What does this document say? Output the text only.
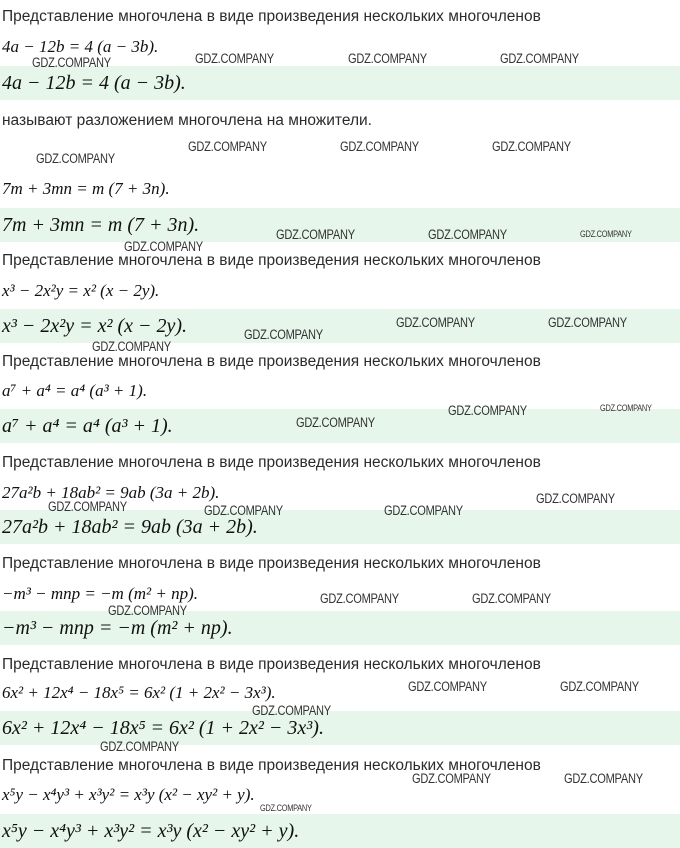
Представление многочлена в виде произведения нескольких многочленов
4a − 12b = 4 (a − 3b).
4a − 12b = 4 (a − 3b).
называют разложением многочлена на множители.
7m + 3mn = m (7 + 3n).
7m + 3mn = m (7 + 3n).
Представление многочлена в виде произведения нескольких многочленов
x³ − 2x²y = x² (x − 2y).
x³ − 2x²y = x² (x − 2y).
Представление многочлена в виде произведения нескольких многочленов
a⁷ + a⁴ = a⁴ (a³ + 1).
a⁷ + a⁴ = a⁴ (a³ + 1).
Представление многочлена в виде произведения нескольких многочленов
27a²b + 18ab² = 9ab (3a + 2b).
27a²b + 18ab² = 9ab (3a + 2b).
Представление многочлена в виде произведения нескольких многочленов
−m³ − mnp = −m (m² + np).
−m³ − mnp = −m (m² + np).
Представление многочлена в виде произведения нескольких многочленов
6x² + 12x⁴ − 18x⁵ = 6x² (1 + 2x² − 3x³).
6x² + 12x⁴ − 18x⁵ = 6x² (1 + 2x² − 3x³).
Представление многочлена в виде произведения нескольких многочленов
x⁵y − x⁴y³ + x³y² = x³y (x² − xy² + y).
x⁵y − x⁴y³ + x³y² = x³y (x² − xy² + y).
GDZ.COMPANY	GDZ.COMPANY	GDZ.COMPANY	GDZ.COMPANY
GDZ.COMPANY
GDZ.COMPANY	GDZ.COMPANY	GDZ.COMPANY
GDZ.COMPANY	GDZ.COMPANY	GDZ.COMPANY
GDZ.COMPANY
GDZ.COMPANY
GDZ.COMPANY	GDZ.COMPANY
GDZ.COMPANY
GDZ.COMPANY	GDZ.COMPANY
GDZ.COMPANY
GDZ.COMPANY
GDZ.COMPANY	GDZ.COMPANY
GDZ.COMPANY
GDZ.COMPANY	GDZ.COMPANY
GDZ.COMPANY
GDZ.COMPANY	GDZ.COMPANY
GDZ.COMPANY
GDZ.COMPANY
GDZ.COMPANY	GDZ.COMPANY
GDZ.COMPANY
